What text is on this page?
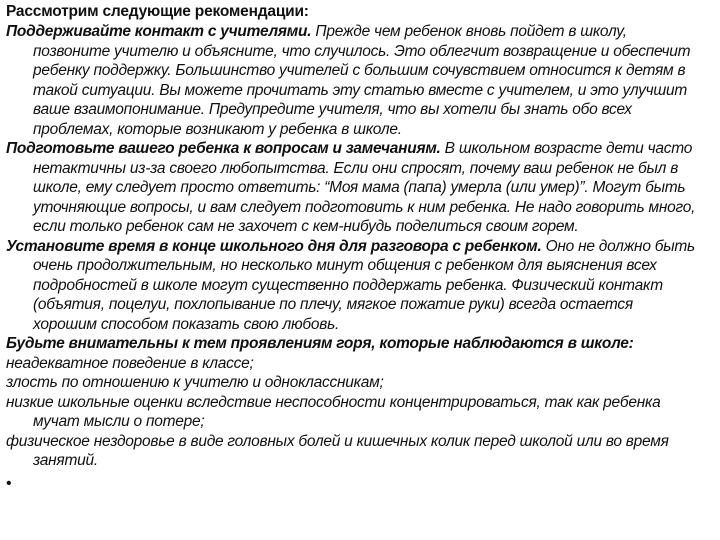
Рассмотрим следующие рекомендации:

Поддерживайте контакт с учителями. Прежде чем ребенок вновь пойдет в школу, позвоните учителю и объясните, что случилось. Это облегчит возвращение и обеспечит ребенку поддержку. Большинство учителей с большим сочувствием относится к детям в такой ситуации. Вы можете прочитать эту статью вместе с учителем, и это улучшит ваше взаимопонимание. Предупредите учителя, что вы хотели бы знать обо всех проблемах, которые возникают у ребенка в школе.

Подготовьте вашего ребенка к вопросам и замечаниям. В школьном возрасте дети часто нетактичны из-за своего любопытства. Если они спросят, почему ваш ребенок не был в школе, ему следует просто ответить: “Моя мама (папа) умерла (или умер)”. Могут быть уточняющие вопросы, и вам следует подготовить к ним ребенка. Не надо говорить много, если только ребенок сам не захочет с кем-нибудь поделиться своим горем.

Установите время в конце школьного дня для разговора с ребенком. Оно не должно быть очень продолжительным, но несколько минут общения с ребенком для выяснения всех подробностей в школе могут существенно поддержать ребенка. Физический контакт (объятия, поцелуи, похлопывание по плечу, мягкое пожатие руки) всегда остается хорошим способом показать свою любовь.

Будьте внимательны к тем проявлениям горя, которые наблюдаются в школе:

неадекватное поведение в классе;

злость по отношению к учителю и одноклассникам;

низкие школьные оценки вследствие неспособности концентрироваться, так как ребенка мучат мысли о потере;

физическое нездоровье в виде головных болей и кишечных колик перед школой или во время занятий.

•
